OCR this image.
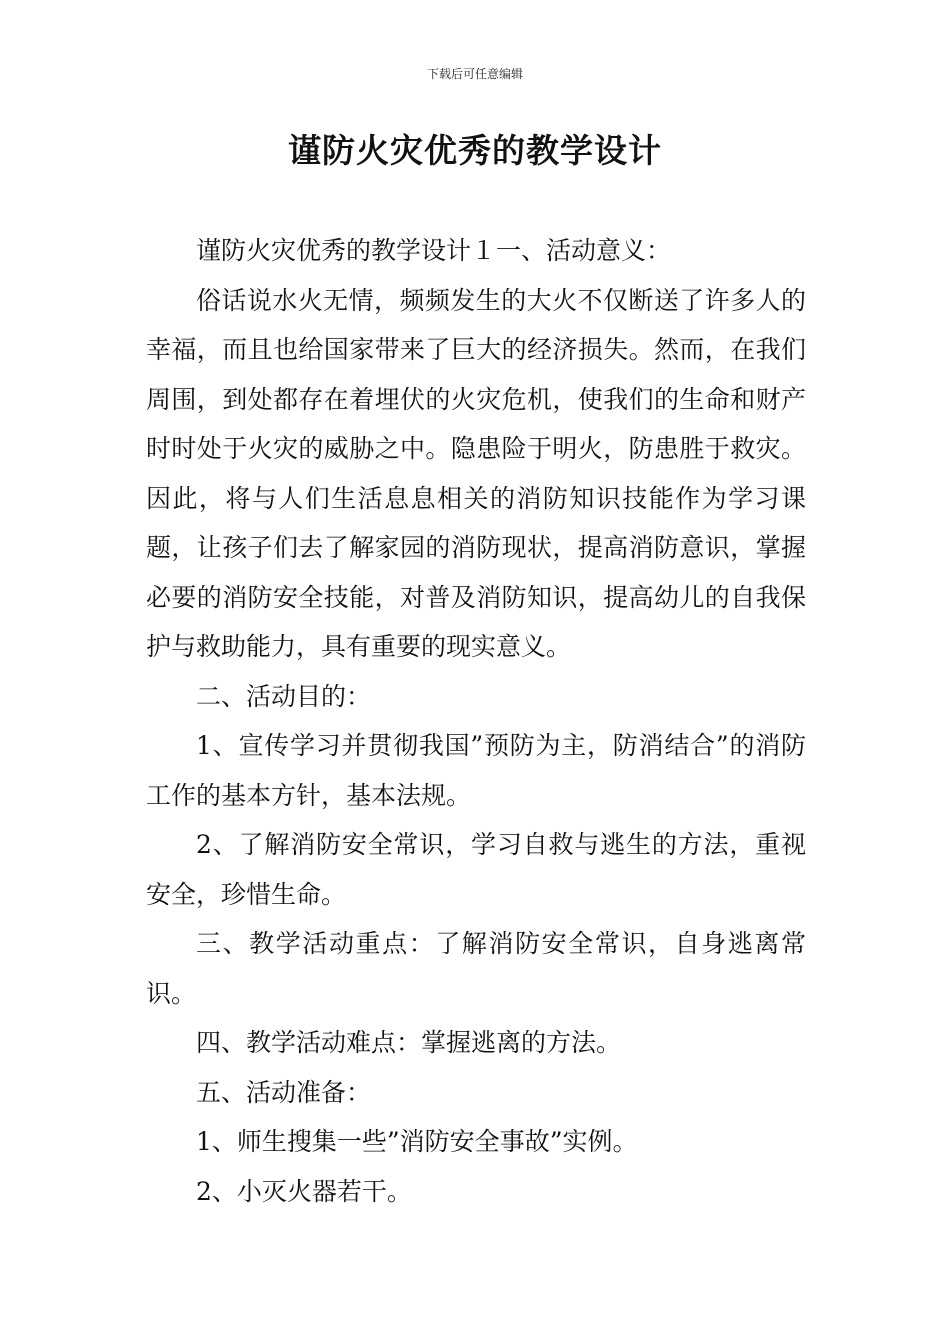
下载后可任意编辑
谨防火灾优秀的教学设计

谨防火灾优秀的教学设计１一、活动意义：

俗话说水火无情，频频发生的大火不仅断送了许多人的幸福，而且也给国家带来了巨大的经济损失。然而，在我们周围，到处都存在着埋伏的火灾危机，使我们的生命和财产时时处于火灾的威胁之中。隐患险于明火，防患胜于救灾。因此，将与人们生活息息相关的消防知识技能作为学习课题，让孩子们去了解家园的消防现状，提高消防意识，掌握必要的消防安全技能，对普及消防知识，提高幼儿的自我保护与救助能力，具有重要的现实意义。

二、活动目的：

1、宣传学习并贯彻我国”预防为主，防消结合”的消防工作的基本方针，基本法规。

2、了解消防安全常识，学习自救与逃生的方法，重视安全，珍惜生命。

三、教学活动重点：了解消防安全常识，自身逃离常识。

四、教学活动难点：掌握逃离的方法。

五、活动准备：

1、师生搜集一些”消防安全事故”实例。

2、小灭火器若干。
